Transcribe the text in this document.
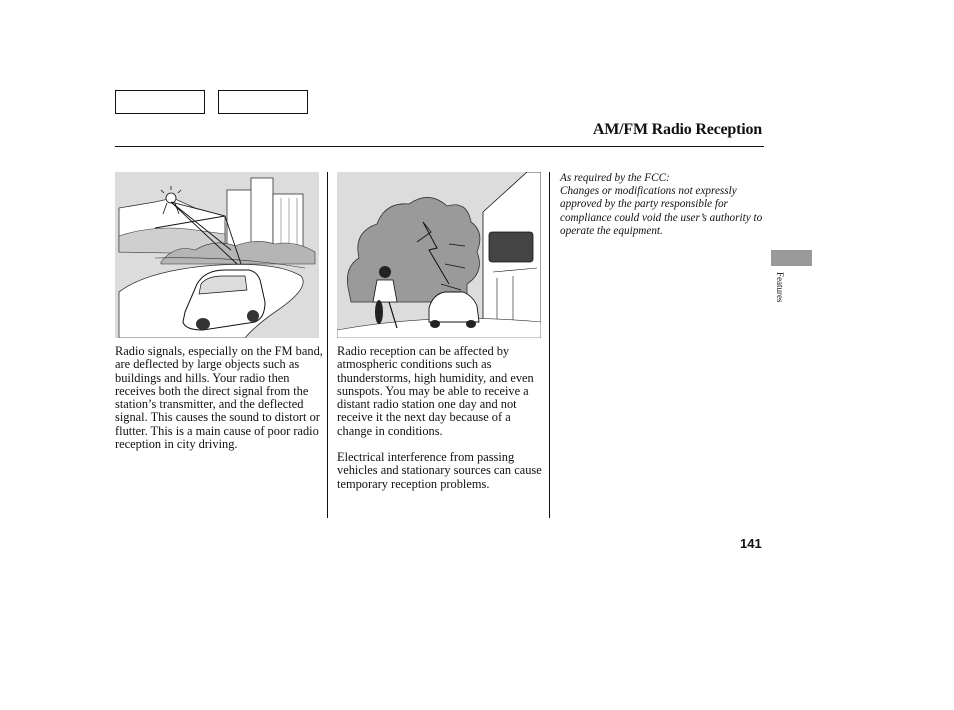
AM/FM Radio Reception

Radio signals, especially on the FM band, are deflected by large objects such as buildings and hills. Your radio then receives both the direct signal from the station’s transmitter, and the deflected signal. This causes the sound to distort or flutter. This is a main cause of poor radio reception in city driving.

Radio reception can be affected by atmospheric conditions such as thunderstorms, high humidity, and even sunspots. You may be able to receive a distant radio station one day and not receive it the next day because of a change in conditions.

Electrical interference from passing vehicles and stationary sources can cause temporary reception problems.

As required by the FCC:
Changes or modifications not expressly approved by the party responsible for compliance could void the user’s authority to operate the equipment.
Features
141
